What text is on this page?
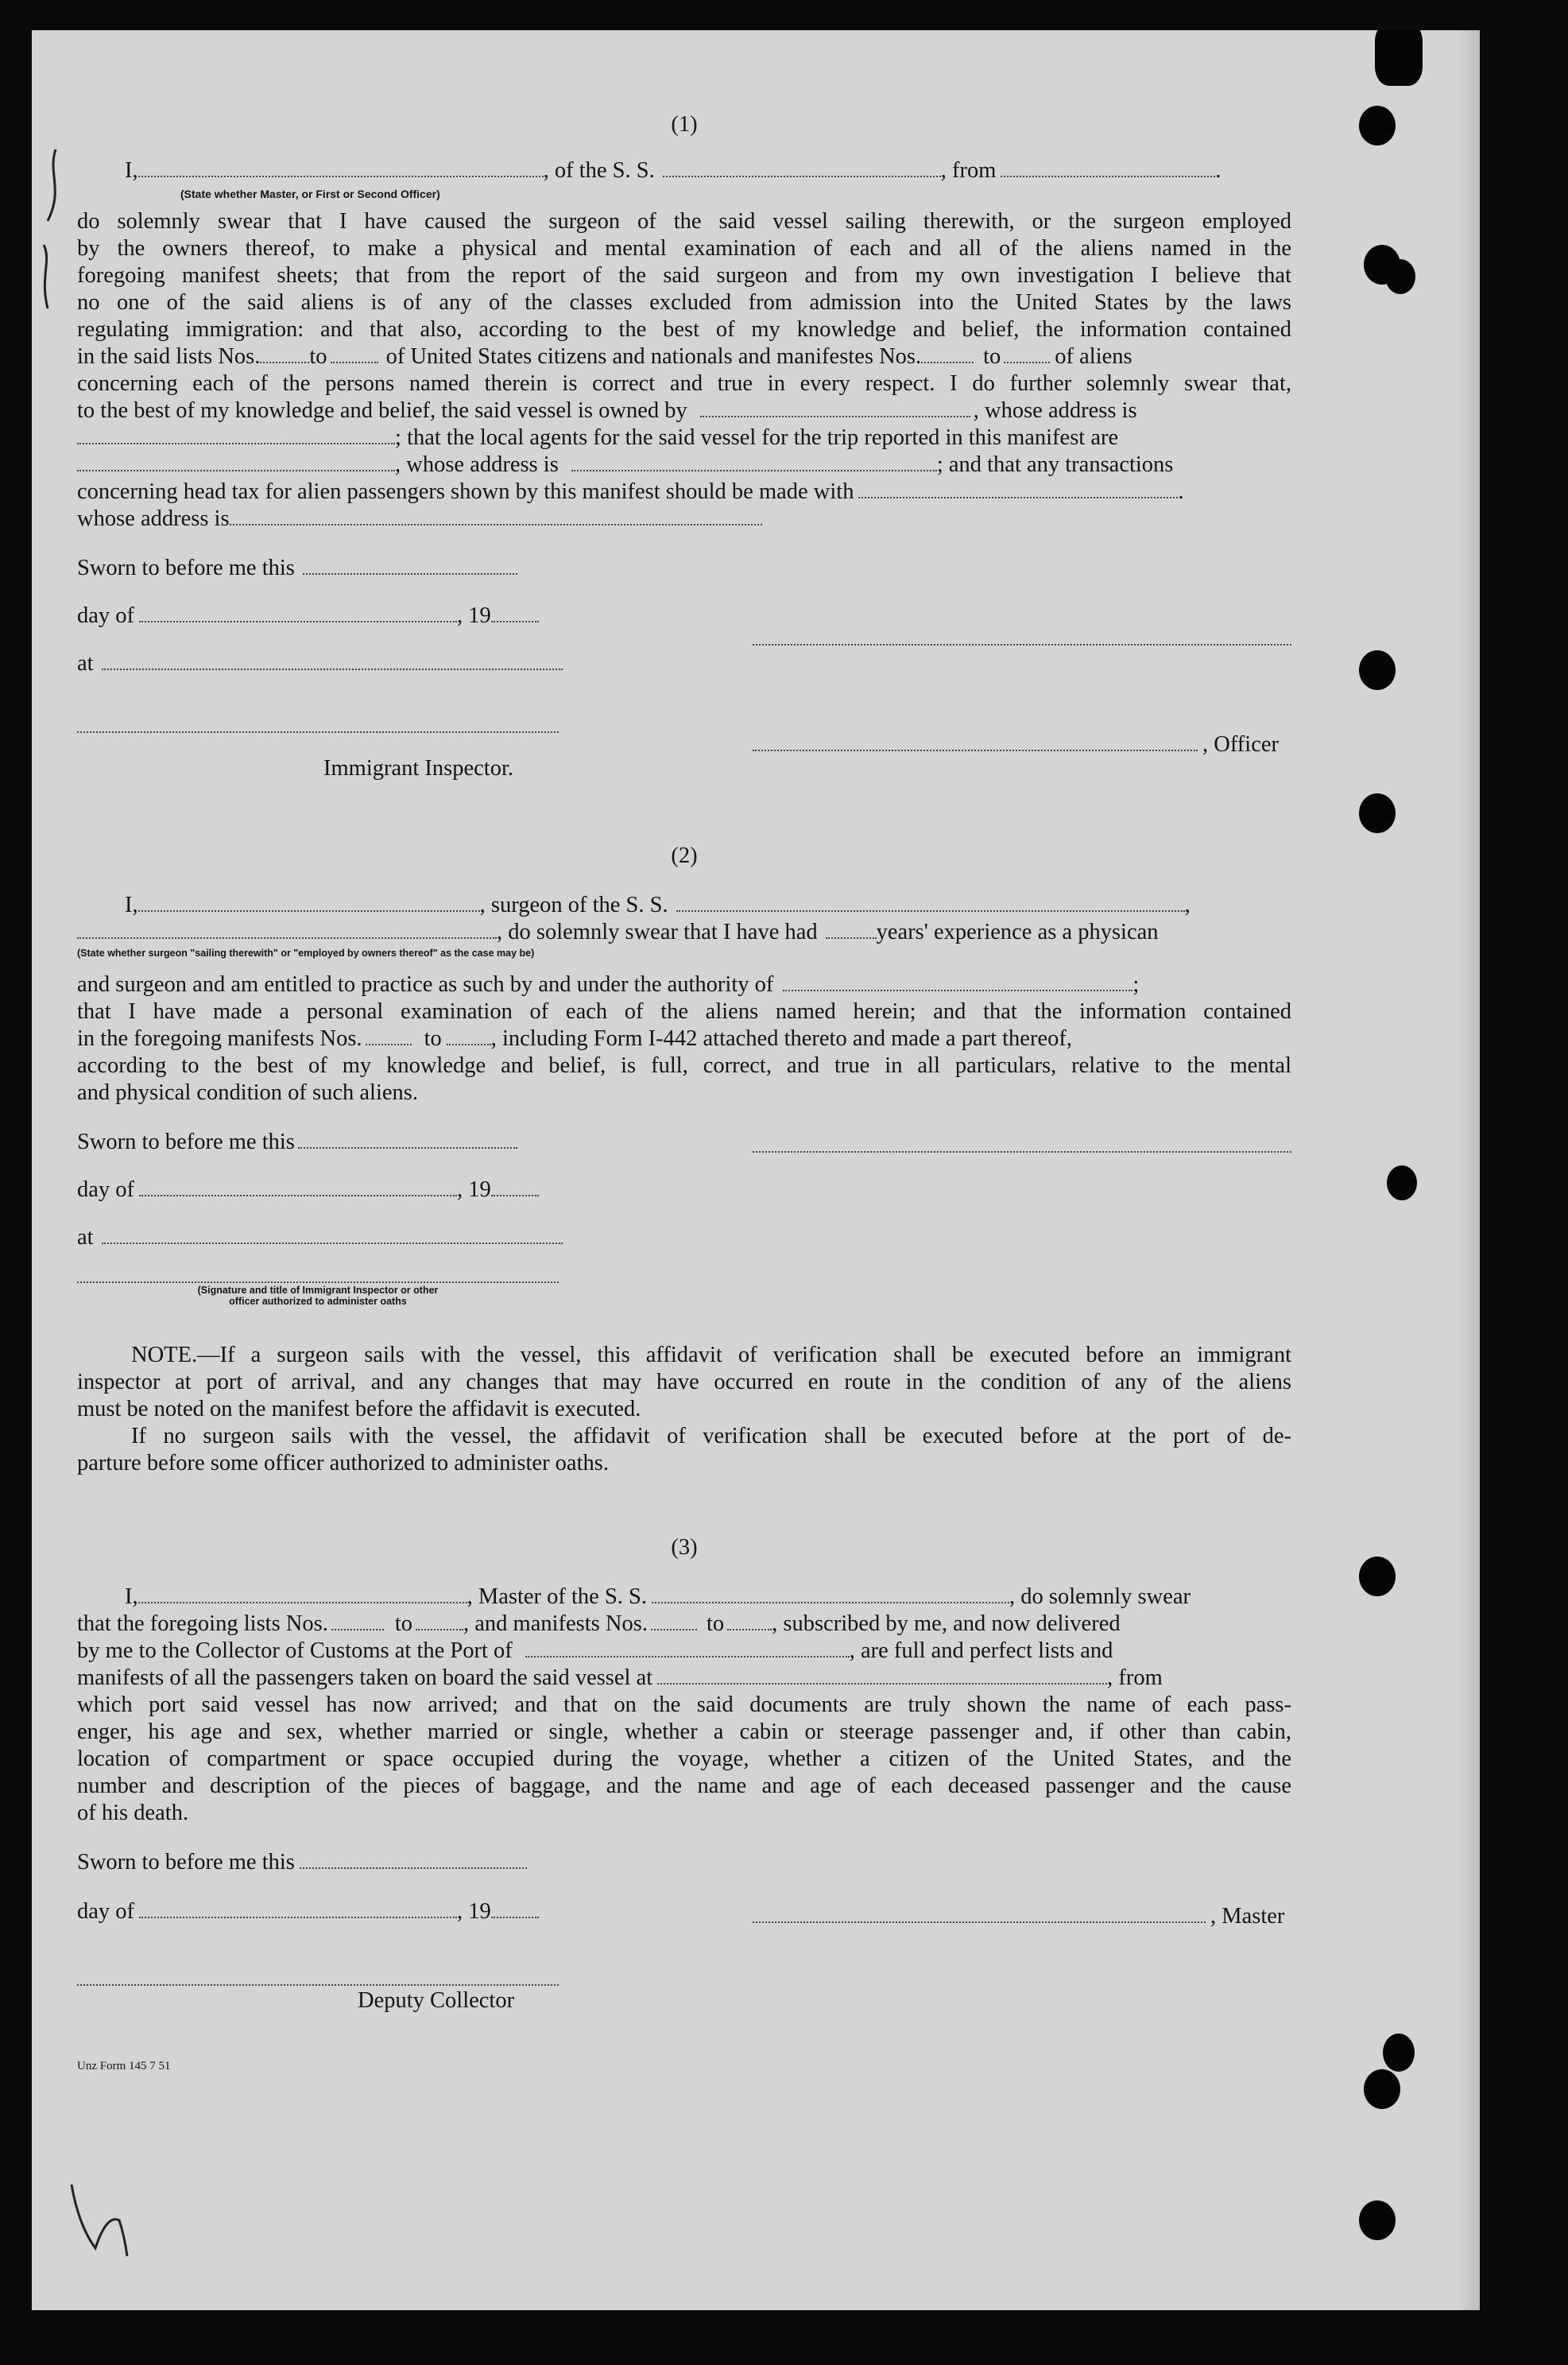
(1)
I,	, of the S. S.	, from	.
(State whether Master, or First or Second Officer)
do solemnly swear that I have caused the surgeon of the said vessel sailing therewith, or the surgeon employed
by the owners thereof, to make a physical and mental examination of each and all of the aliens named in the
foregoing manifest sheets; that from the report of the said surgeon and from my own investigation I believe that
no one of the said aliens is of any of the classes excluded from admission into the United States by the laws
regulating immigration: and that also, according to the best of my knowledge and belief, the information contained
in the said lists Nos. to	of United States citizens and nationals and manifestes Nos.	to of aliens
concerning each of the persons named therein is correct and true in every respect. I do further solemnly swear that,
to the best of my knowledge and belief, the said vessel is owned by	, whose address is
; that the local agents for the said vessel for the trip reported in this manifest are
, whose address is	; and that any transactions
concerning head tax for alien passengers shown by this manifest should be made with	.
whose address is
Sworn to before me this
day of	, 19
at
, Officer
Immigrant Inspector.
(2)
I,	, surgeon of the S. S.	,
, do solemnly swear that I have had	years' experience as a physican
(State whether surgeon "sailing therewith" or "employed by owners thereof" as the case may be)
and surgeon and am entitled to practice as such by and under the authority of	;
that I have made a personal examination of each of the aliens named herein; and that the information contained
in the foregoing manifests Nos.	to , including Form I-442 attached thereto and made a part thereof,
according to the best of my knowledge and belief, is full, correct, and true in all particulars, relative to the mental
and physical condition of such aliens.
Sworn to before me this
day of	, 19
at
(Signature and title of Immigrant Inspector or other
officer authorized to administer oaths
NOTE.—If a surgeon sails with the vessel, this affidavit of verification shall be executed before an immigrant
inspector at port of arrival, and any changes that may have occurred en route in the condition of any of the aliens
must be noted on the manifest before the affidavit is executed.
If no surgeon sails with the vessel, the affidavit of verification shall be executed before at the port of de-
parture before some officer authorized to administer oaths.
(3)
I,	, Master of the S. S.	, do solemnly swear
that the foregoing lists Nos.	to , and manifests Nos.	to , subscribed by me, and now delivered
by me to the Collector of Customs at the Port of	, are full and perfect lists and
manifests of all the passengers taken on board the said vessel at	, from
which port said vessel has now arrived; and that on the said documents are truly shown the name of each pass-
enger, his age and sex, whether married or single, whether a cabin or steerage passenger and, if other than cabin,
location of compartment or space occupied during the voyage, whether a citizen of the United States, and the
number and description of the pieces of baggage, and the name and age of each deceased passenger and the cause
of his death.
Sworn to before me this
day of	, 19	, Master
Deputy Collector
Unz Form 145 7 51
